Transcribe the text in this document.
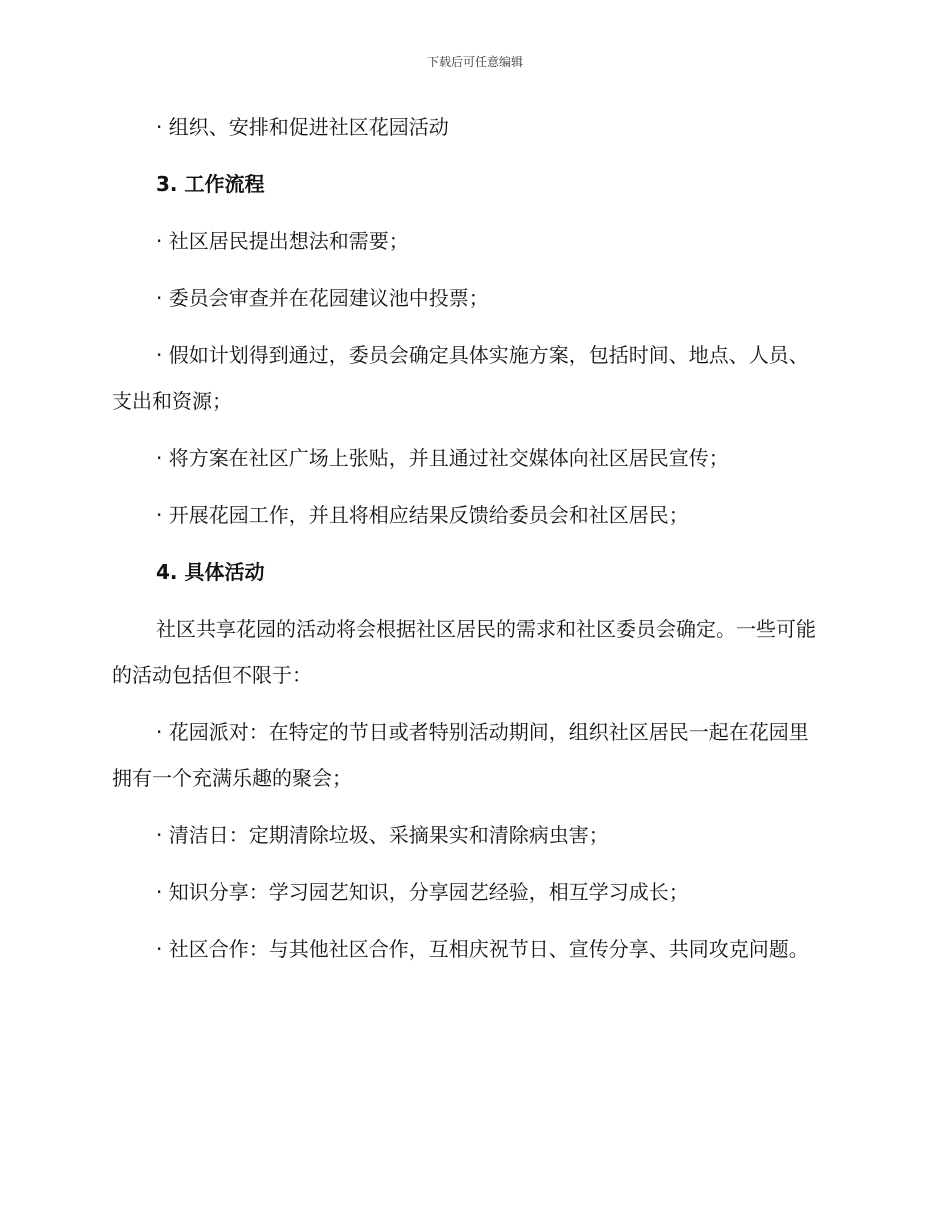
下载后可任意编辑

· 组织、安排和促进社区花园活动

3. 工作流程

· 社区居民提出想法和需要；

· 委员会审查并在花园建议池中投票；

· 假如计划得到通过，委员会确定具体实施方案，包括时间、地点、人员、支出和资源；

· 将方案在社区广场上张贴，并且通过社交媒体向社区居民宣传；

· 开展花园工作，并且将相应结果反馈给委员会和社区居民；

4. 具体活动

社区共享花园的活动将会根据社区居民的需求和社区委员会确定。一些可能的活动包括但不限于：

· 花园派对：在特定的节日或者特别活动期间，组织社区居民一起在花园里拥有一个充满乐趣的聚会；

· 清洁日：定期清除垃圾、采摘果实和清除病虫害；

· 知识分享：学习园艺知识，分享园艺经验，相互学习成长；

· 社区合作：与其他社区合作，互相庆祝节日、宣传分享、共同攻克问题。
